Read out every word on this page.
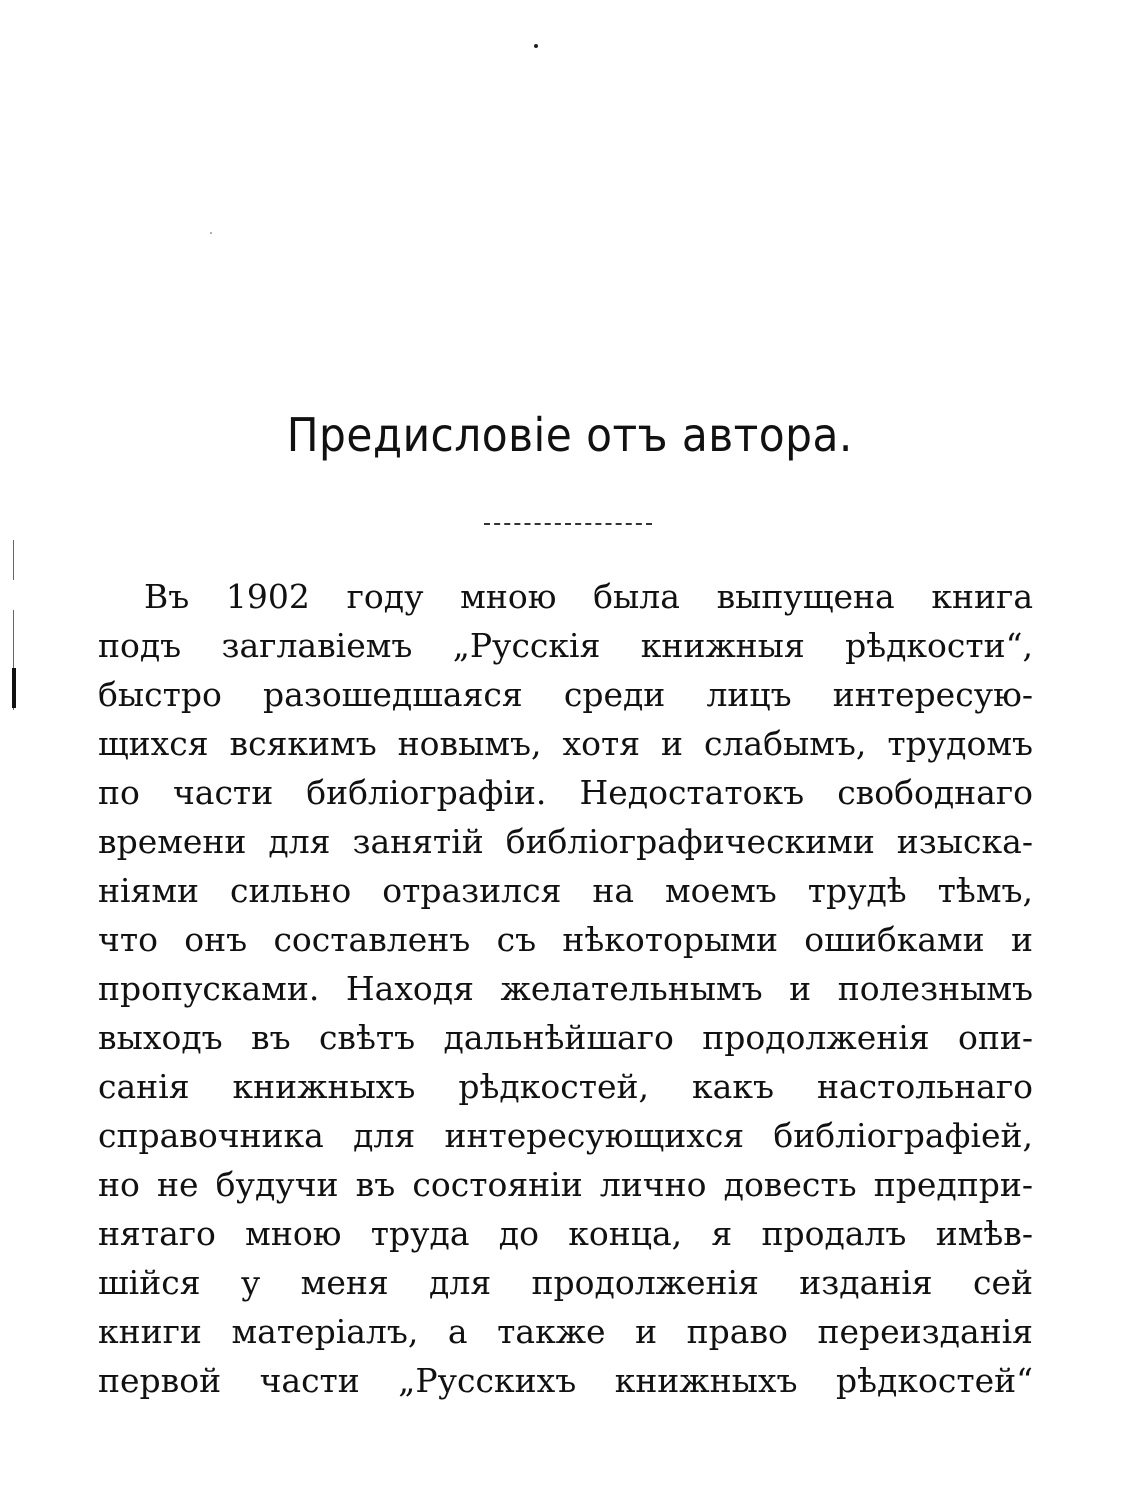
Предисловіе отъ автора.
Въ 1902 году мною была выпущена книга
подъ заглавіемъ „Русскія книжныя рѣдкости“,
быстро разошедшаяся среди лицъ интересую-
щихся всякимъ новымъ, хотя и слабымъ, трудомъ
по части библіографіи. Недостатокъ свободнаго
времени для занятій библіографическими изыска-
ніями сильно отразился на моемъ трудѣ тѣмъ,
что онъ составленъ съ нѣкоторыми ошибками и
пропусками. Находя желательнымъ и полезнымъ
выходъ въ свѣтъ дальнѣйшаго продолженія опи-
санія книжныхъ рѣдкостей, какъ настольнаго
справочника для интересующихся библіографіей,
но не будучи въ состояніи лично довесть предпри-
нятаго мною труда до конца, я продалъ имѣв-
шійся у меня для продолженія изданія сей
книги матеріалъ, а также и право переизданія
первой части „Русскихъ книжныхъ рѣдкостей“
